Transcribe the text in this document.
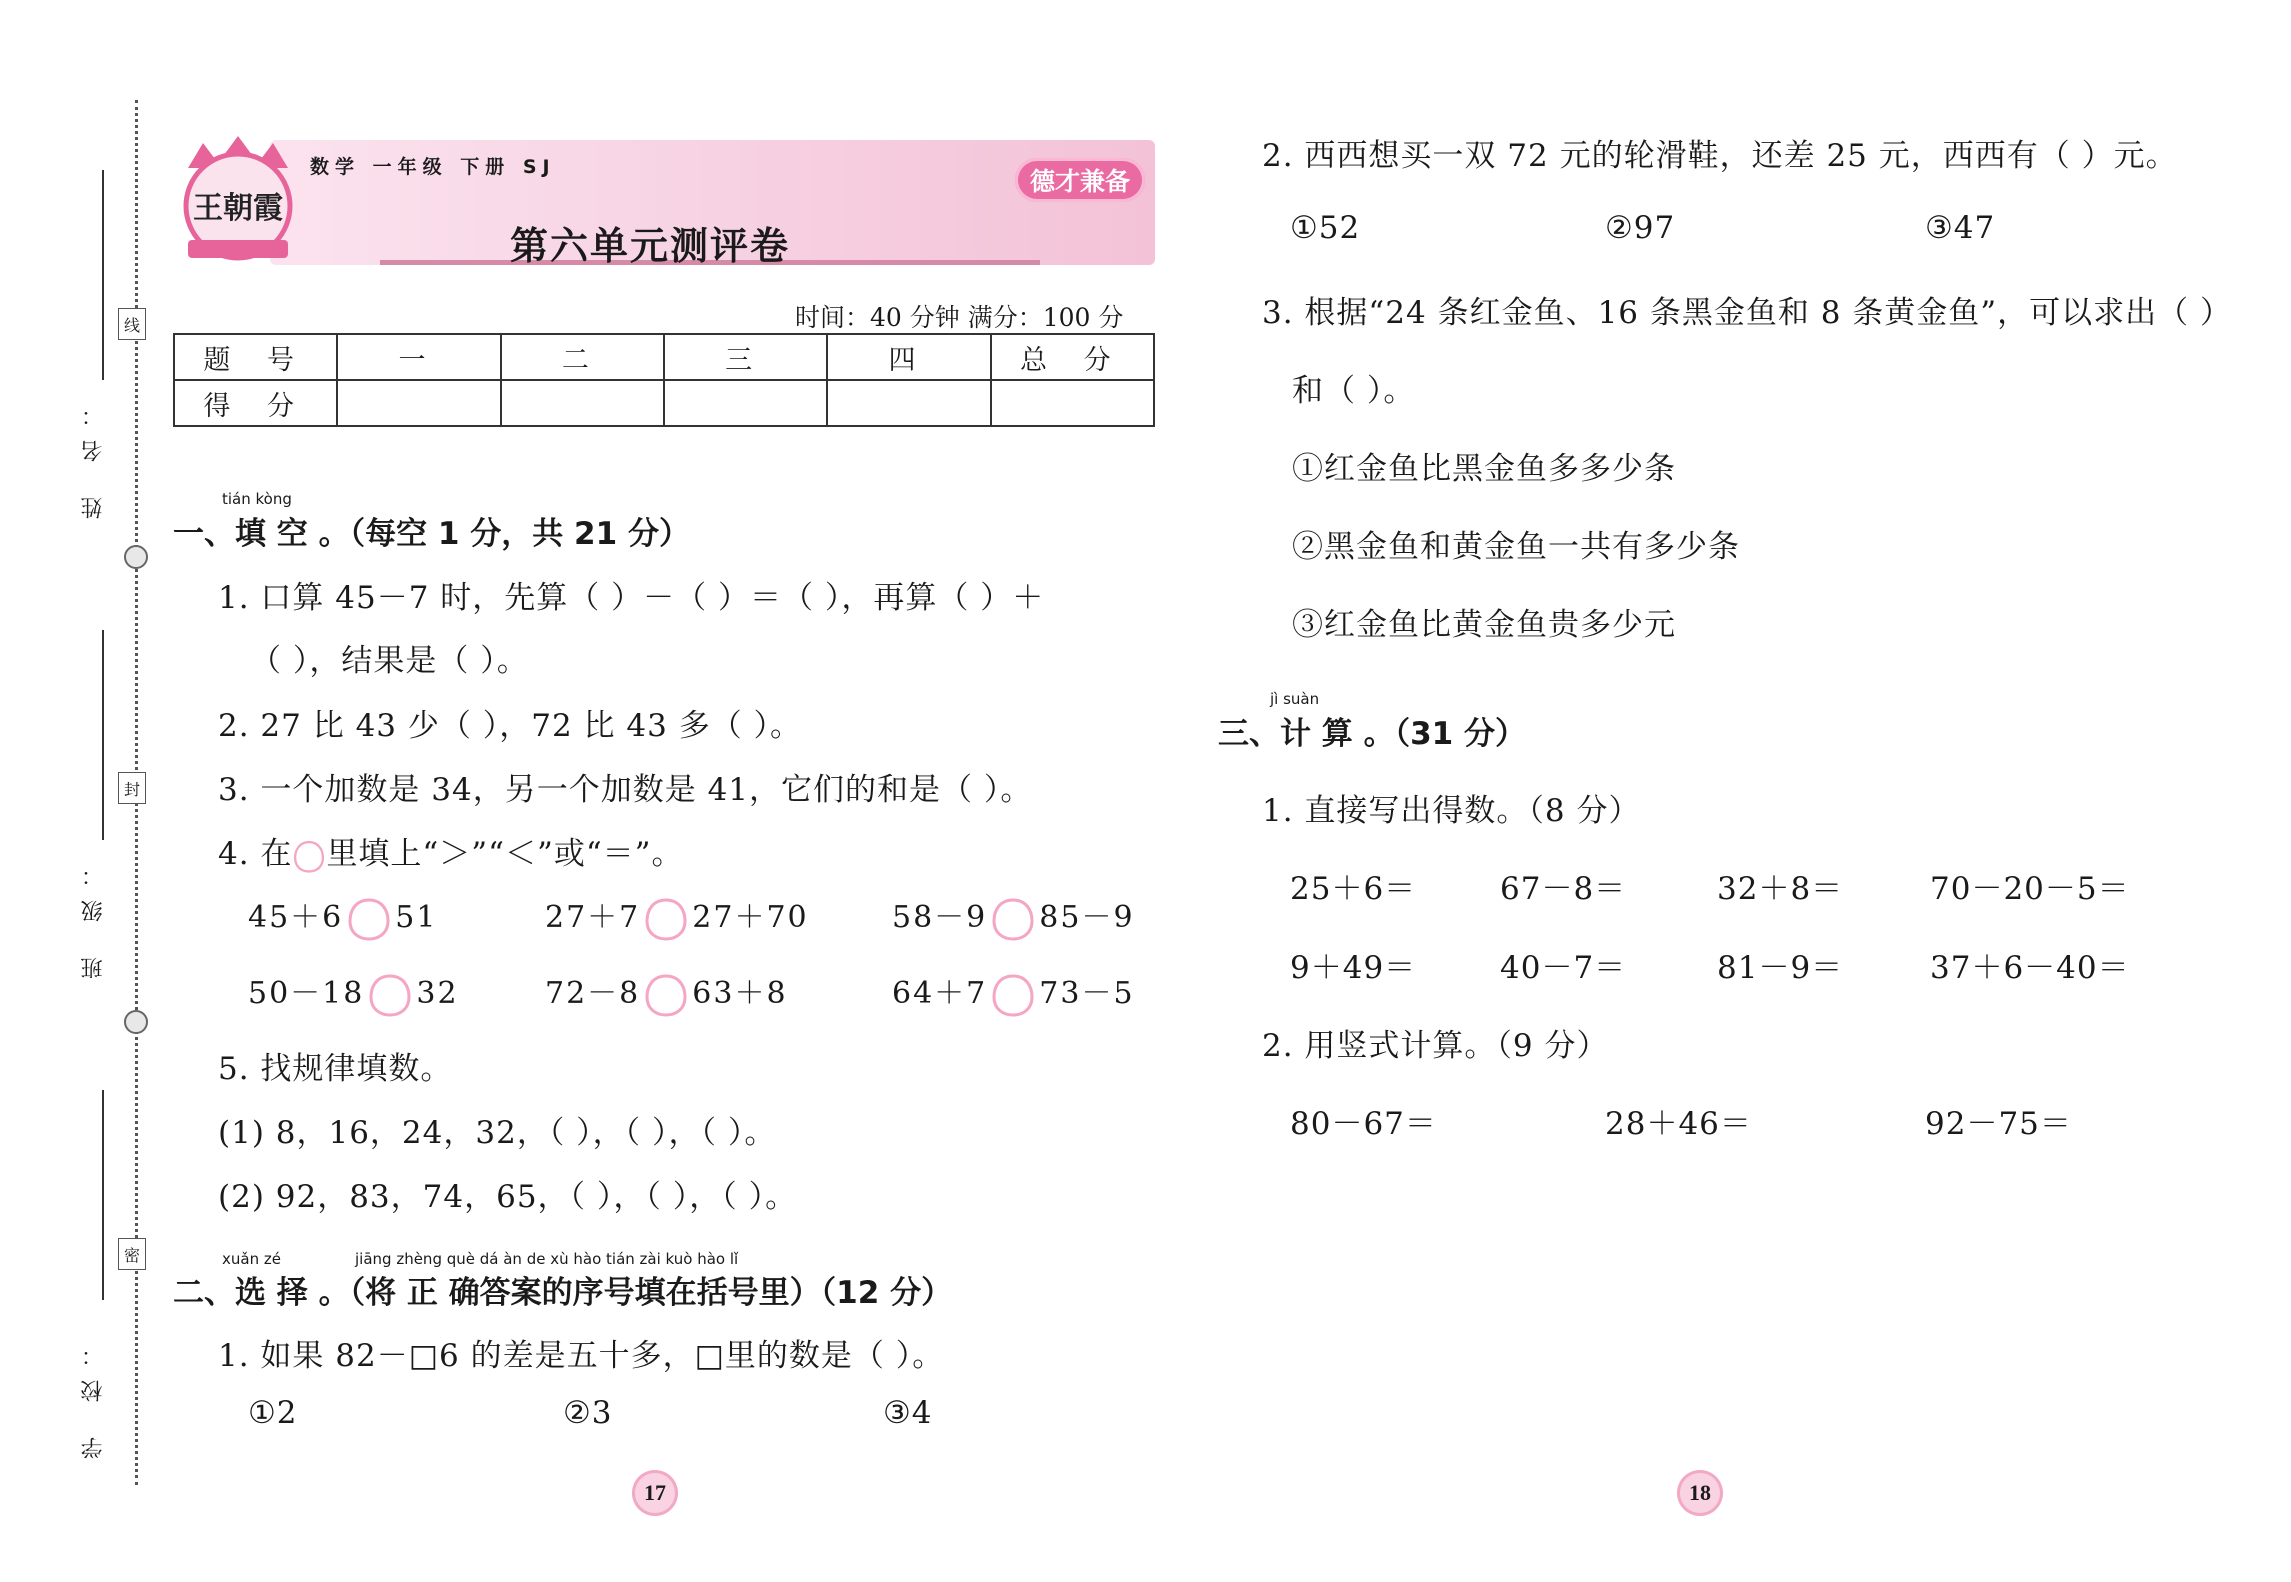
姓 名：
班 级：
学 校：
线
封
密
王朝霞
数学 一年级 下册 SJ	德才兼备
第六单元测评卷
时间：40 分钟 满分：100 分
题 号	一	二	三	四	总 分
得 分					
tián kòng
一、填 空 。（每空 1 分，共 21 分）
1. 口算 45－7 时，先算（ ）－（ ）＝（ ），再算（ ）＋
（ ），结果是（ ）。
2. 27 比 43 少（ ），72 比 43 多（ ）。
3. 一个加数是 34，另一个加数是 41，它们的和是（ ）。
4. 在 里填上“＞”“＜”或“＝”。
45＋6 51	27＋7 27＋70	58－9 85－9
50－18 32	72－8 63＋8	64＋7 73－5
5. 找规律填数。
(1) 8，16，24，32，（ ），（ ），（ ）。
(2) 92，83，74，65，（ ），（ ），（ ）。
xuǎn zé	jiāng zhèng què dá àn de xù hào tián zài kuò hào lǐ
二、选 择 。（将 正 确答案的序号填在括号里）（12 分）
1. 如果 82－□6 的差是五十多，□里的数是（ ）。
①2	②3	③4
2. 西西想买一双 72 元的轮滑鞋，还差 25 元，西西有（ ）元。
①52	②97	③47
3. 根据“24 条红金鱼、16 条黑金鱼和 8 条黄金鱼”，可以求出（ ）
和（ ）。
①红金鱼比黑金鱼多多少条
②黑金鱼和黄金鱼一共有多少条
③红金鱼比黄金鱼贵多少元
jì suàn
三、计 算 。（31 分）
1. 直接写出得数。（8 分）
25＋6＝	67－8＝	32＋8＝	70－20－5＝
9＋49＝	40－7＝	81－9＝	37＋6－40＝
2. 用竖式计算。（9 分）
80－67＝	28＋46＝	92－75＝
17	18
